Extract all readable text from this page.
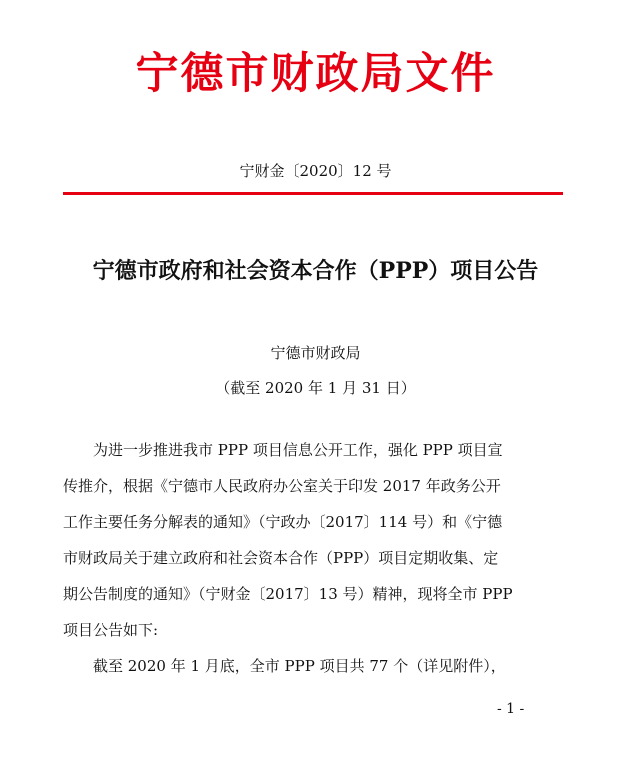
宁德市财政局文件
宁财金〔2020〕12 号
宁德市政府和社会资本合作（PPP）项目公告
宁德市财政局
（截至 2020 年 1 月 31 日）
　　为进一步推进我市 PPP 项目信息公开工作，强化 PPP 项目宣
传推介，根据《宁德市人民政府办公室关于印发 2017 年政务公开
工作主要任务分解表的通知》（宁政办〔2017〕114 号）和《宁德
市财政局关于建立政府和社会资本合作（PPP）项目定期收集、定
期公告制度的通知》（宁财金〔2017〕13 号）精神，现将全市 PPP
项目公告如下:
　　截至 2020 年 1 月底，全市 PPP 项目共 77 个（详见附件），
- 1 -
